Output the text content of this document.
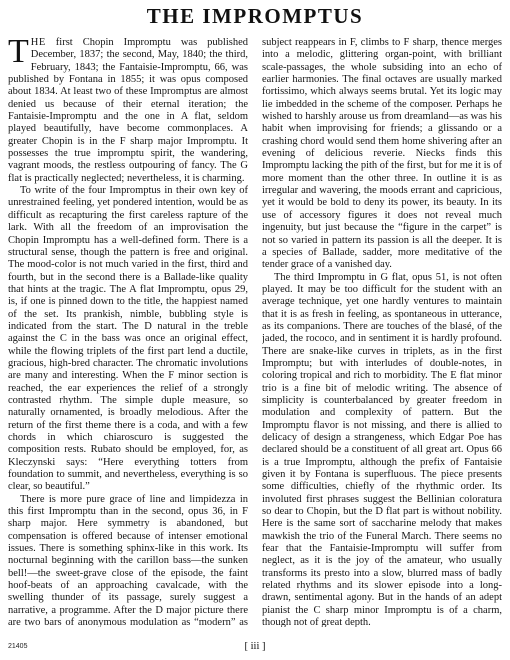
THE IMPROMPTUS

THE first Chopin Impromptu was published December, 1837; the second, May, 1840; the third, February, 1843; the Fantaisie-Impromptu, 66, was published by Fontana in 1855; it was opus composed about 1834. At least two of these Impromptus are almost denied us because of their eternal iteration; the Fantaisie-Impromptu and the one in A flat, seldom played beautifully, have become commonplaces. A greater Chopin is in the F sharp major Impromptu. It possesses the true impromptu spirit, the wandering, vagrant moods, the restless outpouring of fancy. The G flat is practically neglected; nevertheless, it is charming.

To write of the four Impromptus in their own key of unrestrained feeling, yet pondered intention, would be as difficult as recapturing the first careless rapture of the lark. With all the freedom of an improvisation the Chopin Impromptu has a well-defined form. There is a structural sense, though the pattern is free and original. The mood-color is not much varied in the first, third and fourth, but in the second there is a Ballade-like quality that hints at the tragic. The A flat Impromptu, opus 29, is, if one is pinned down to the title, the happiest named of the set. Its prankish, nimble, bubbling style is indicated from the start. The D natural in the treble against the C in the bass was once an original effect, while the flowing triplets of the first part lend a ductile, gracious, high-bred character. The chromatic involutions are many and interesting. When the F minor section is reached, the ear experiences the relief of a strongly contrasted rhythm. The simple duple measure, so naturally ornamented, is broadly melodious. After the return of the first theme there is a coda, and with a few chords in which chiaroscuro is suggested the composition rests. Rubato should be employed, for, as Kleczynski says: “Here everything totters from foundation to summit, and nevertheless, everything is so clear, so beautiful.”

There is more pure grace of line and limpidezza in this first Impromptu than in the second, opus 36, in F sharp major. Here symmetry is abandoned, but compensation is offered because of intenser emotional issues. There is something sphinx-like in this work. Its nocturnal beginning with the carillon bass—the sunken bell!—the sweet-grave close of the episode, the faint hoof-beats of an approaching cavalcade, with the swelling thunder of its passage, surely suggest a narrative, a programme. After the D major picture there are two bars of anonymous modulation as “modern” as

subject reappears in F, climbs to F sharp, thence merges into a melodic, glittering organ-point, with brilliant scale-passages, the whole subsiding into an echo of earlier harmonies. The final octaves are usually marked fortissimo, which always seems brutal. Yet its logic may lie imbedded in the scheme of the composer. Perhaps he wished to harshly arouse us from dreamland—as was his habit when improvising for friends; a glissando or a crashing chord would send them home shivering after an evening of delicious reverie. Niecks finds this Impromptu lacking the pith of the first, but for me it is of more moment than the other three. In outline it is as irregular and wavering, the moods errant and capricious, yet it would be bold to deny its power, its beauty. In its use of accessory figures it does not reveal much ingenuity, but just because the “figure in the carpet” is not so varied in pattern its passion is all the deeper. It is a species of Ballade, sadder, more meditative of the tender grace of a vanished day.

The third Impromptu in G flat, opus 51, is not often played. It may be too difficult for the student with an average technique, yet one hardly ventures to maintain that it is as fresh in feeling, as spontaneous in utterance, as its companions. There are touches of the blasé, of the jaded, the rococo, and in sentiment it is hardly profound. There are snake-like curves in triplets, as in the first Impromptu; but with interludes of double-notes, in coloring tropical and rich to morbidity. The E flat minor trio is a fine bit of melodic writing. The absence of simplicity is counterbalanced by greater freedom in modulation and complexity of pattern. But the Impromptu flavor is not missing, and there is allied to delicacy of design a strangeness, which Edgar Poe has declared should be a constituent of all great art. Opus 66 is a true Impromptu, although the prefix of Fantaisie given it by Fontana is superfluous. The piece presents some difficulties, chiefly of the rhythmic order. Its involuted first phrases suggest the Bellinian coloratura so dear to Chopin, but the D flat part is without nobility. Here is the same sort of saccharine melody that makes mawkish the trio of the Funeral March. There seems no fear that the Fantaisie-Impromptu will suffer from neglect, as it is the joy of the amateur, who usually transforms its presto into a slow, blurred mass of badly related rhythms and its slower episode into a long-drawn, sentimental agony. But in the hands of an adept pianist the C sharp minor Impromptu is of a charm, though not of great depth.

21405	[ iii ]
